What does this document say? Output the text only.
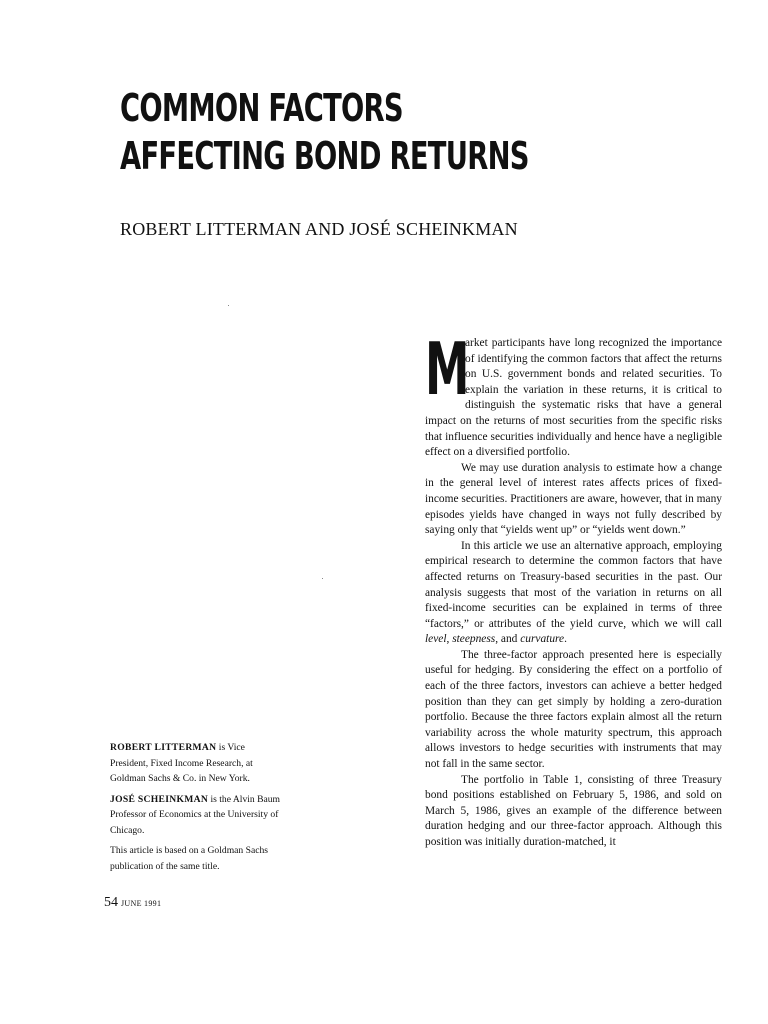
COMMON FACTORS
AFFECTING BOND RETURNS
ROBERT LITTERMAN AND JOSÉ SCHEINKMAN

M
arket participants have long recognized the importance of identifying the common factors that affect the returns on U.S. government bonds and related securities. To explain the variation in these returns, it is critical to distinguish the systematic risks that have a general impact on the returns of most securities from the specific risks that influence securities individually and hence have a negligible effect on a diversified portfolio.

We may use duration analysis to estimate how a change in the general level of interest rates affects prices of fixed-income securities. Practitioners are aware, however, that in many episodes yields have changed in ways not fully described by saying only that “yields went up” or “yields went down.”

In this article we use an alternative approach, employing empirical research to determine the common factors that have affected returns on Treasury-based securities in the past. Our analysis suggests that most of the variation in returns on all fixed-income securities can be explained in terms of three “factors,” or attributes of the yield curve, which we will call level, steepness, and curvature.

The three-factor approach presented here is especially useful for hedging. By considering the effect on a portfolio of each of the three factors, investors can achieve a better hedged position than they can get simply by holding a zero-duration portfolio. Because the three factors explain almost all the return variability across the whole maturity spectrum, this approach allows investors to hedge securities with instruments that may not fall in the same sector.

The portfolio in Table 1, consisting of three Treasury bond positions established on February 5, 1986, and sold on March 5, 1986, gives an example of the difference between duration hedging and our three-factor approach. Although this position was initially duration-matched, it

ROBERT LITTERMAN is Vice President, Fixed Income Research, at Goldman Sachs & Co. in New York.

JOSÉ SCHEINKMAN is the Alvin Baum Professor of Economics at the University of Chicago.

This article is based on a Goldman Sachs publication of the same title.

54 JUNE 1991
